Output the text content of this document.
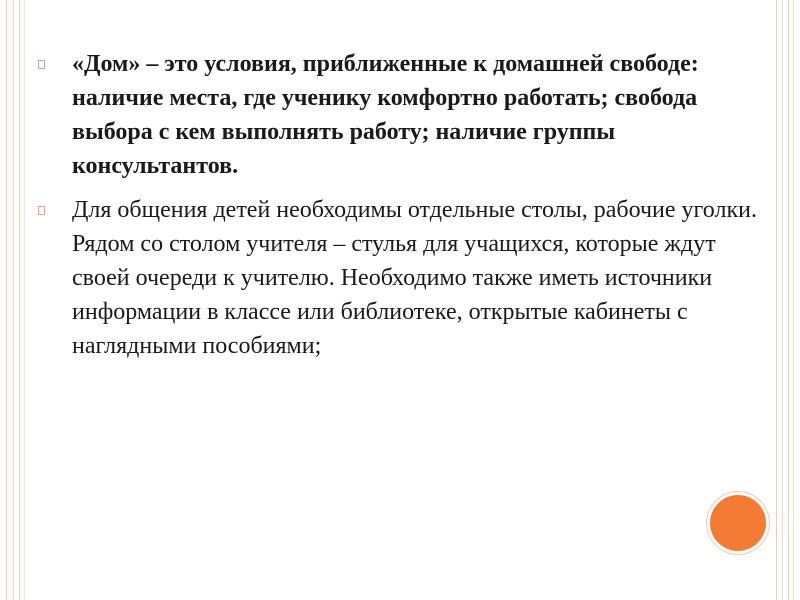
«Дом» – это условия, приближенные к домашней свободе: наличие места, где ученику комфортно работать; свобода выбора с кем выполнять работу; наличие группы консультантов.
Для общения детей необходимы отдельные столы, рабочие уголки. Рядом со столом учителя – стулья для учащихся, которые ждут своей очереди к учителю. Необходимо также иметь источники информации в классе или библиотеке, открытые кабинеты с наглядными пособиями;
